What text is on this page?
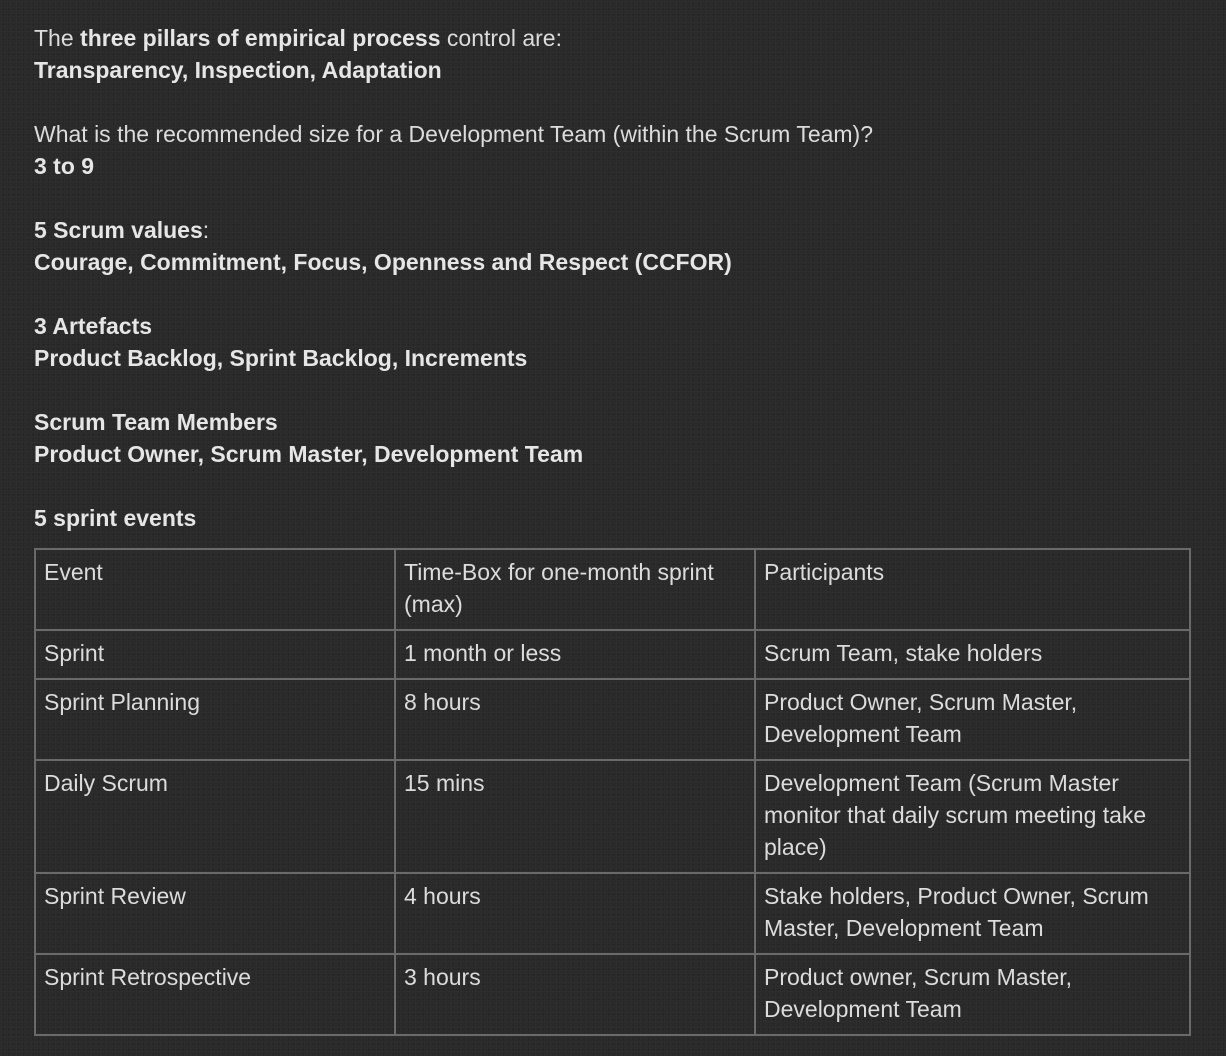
The three pillars of empirical process control are:
Transparency, Inspection, Adaptation
What is the recommended size for a Development Team (within the Scrum Team)?
3 to 9
5 Scrum values:
Courage, Commitment, Focus, Openness and Respect (CCFOR)
3 Artefacts
Product Backlog, Sprint Backlog, Increments
Scrum Team Members
Product Owner, Scrum Master, Development Team
5 sprint events
Event	Time-Box for one-month sprint (max)	Participants
Sprint	1 month or less	Scrum Team, stake holders
Sprint Planning	8 hours	Product Owner, Scrum Master, Development Team
Daily Scrum	15 mins	Development Team (Scrum Master monitor that daily scrum meeting take place)
Sprint Review	4 hours	Stake holders, Product Owner, Scrum Master, Development Team
Sprint Retrospective	3 hours	Product owner, Scrum Master, Development Team
